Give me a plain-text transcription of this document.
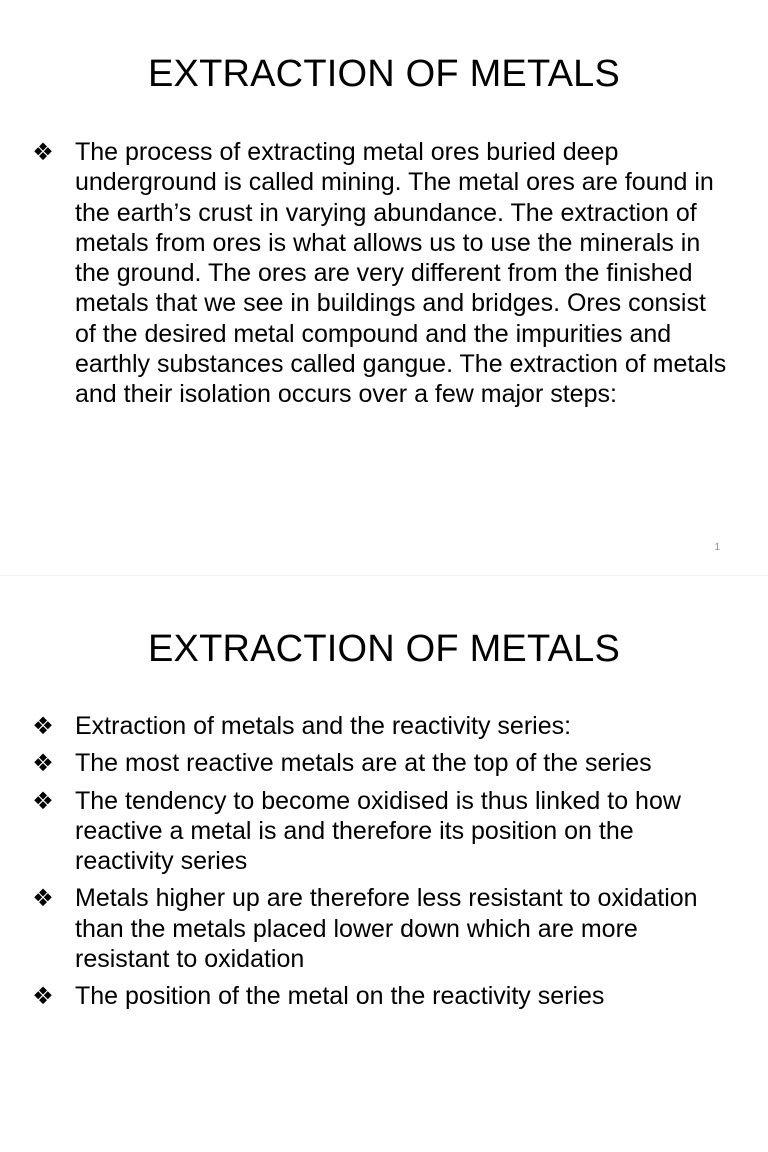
EXTRACTION OF METALS
❖ The process of extracting metal ores buried deep underground is called mining. The metal ores are found in the earth’s crust in varying abundance. The extraction of metals from ores is what allows us to use the minerals in the ground. The ores are very different from the finished metals that we see in buildings and bridges. Ores consist of the desired metal compound and the impurities and earthly substances called gangue. The extraction of metals and their isolation occurs over a few major steps:
1
EXTRACTION OF METALS
❖ Extraction of metals and the reactivity series:
❖ The most reactive metals are at the top of the series
❖ The tendency to become oxidised is thus linked to how reactive a metal is and therefore its position on the reactivity series
❖ Metals higher up are therefore less resistant to oxidation than the metals placed lower down which are more resistant to oxidation
❖ The position of the metal on the reactivity series
